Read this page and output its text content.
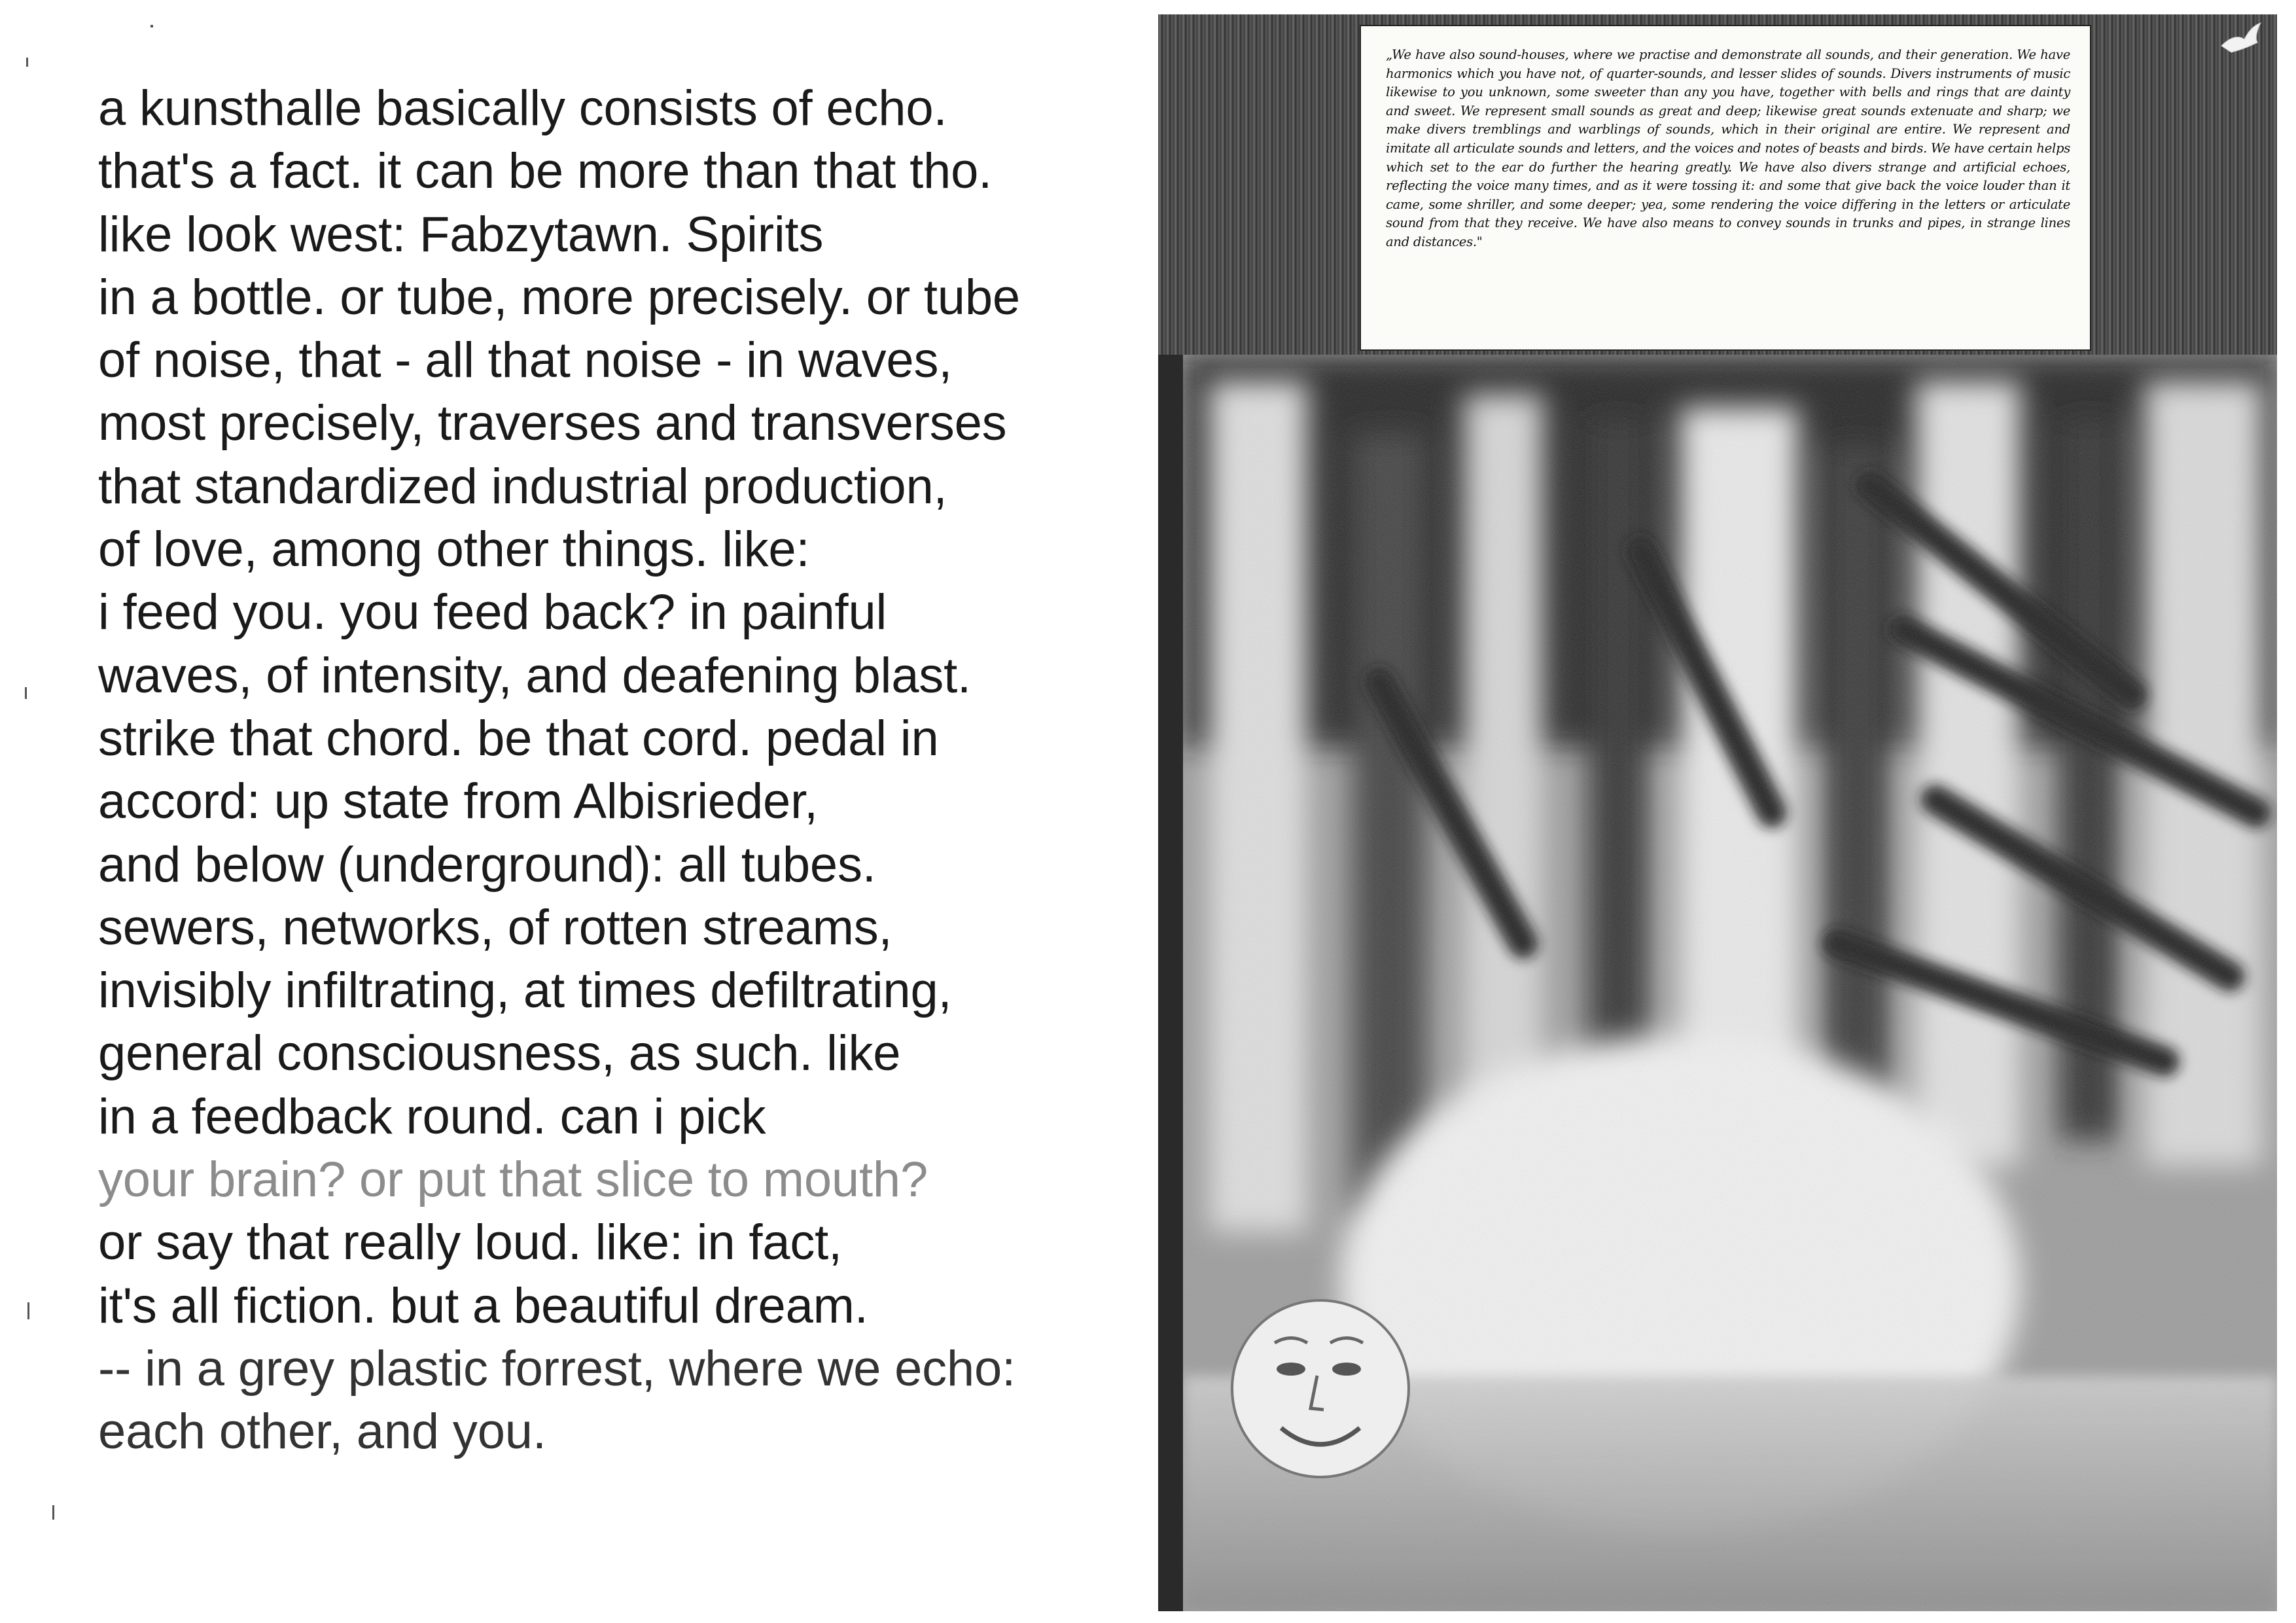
a kunsthalle basically consists of echo.
that's a fact. it can be more than that tho.
like look west: Fabzytawn. Spirits
in a bottle. or tube, more precisely. or tube
of noise, that - all that noise - in waves,
most precisely, traverses and transverses
that standardized industrial production,
of love, among other things. like:
i feed you. you feed back? in painful
waves, of intensity, and deafening blast.
strike that chord. be that cord. pedal in
accord: up state from Albisrieder,
and below (underground): all tubes.
sewers, networks, of rotten streams,
invisibly infiltrating, at times defiltrating,
general consciousness, as such. like
in a feedback round. can i pick
your brain? or put that slice to mouth?
or say that really loud. like: in fact,
it's all fiction. but a beautiful dream.
-- in a grey plastic forrest, where we echo:
each other, and you.
„We have also sound-houses, where we practise and demonstrate all sounds, and their generation. We have harmonics which you have not, of quarter-sounds, and lesser slides of sounds. Divers instruments of music likewise to you unknown, some sweeter than any you have, together with bells and rings that are dainty and sweet. We represent small sounds as great and deep; likewise great sounds extenuate and sharp; we make divers tremblings and warblings of sounds, which in their original are entire. We represent and imitate all articulate sounds and letters, and the voices and notes of beasts and birds. We have certain helps which set to the ear do further the hearing greatly. We have also divers strange and artificial echoes, reflecting the voice many times, and as it were tossing it: and some that give back the voice louder than it came, some shriller, and some deeper; yea, some rendering the voice differing in the letters or articulate sound from that they receive. We have also means to convey sounds in trunks and pipes, in strange lines and distances."
